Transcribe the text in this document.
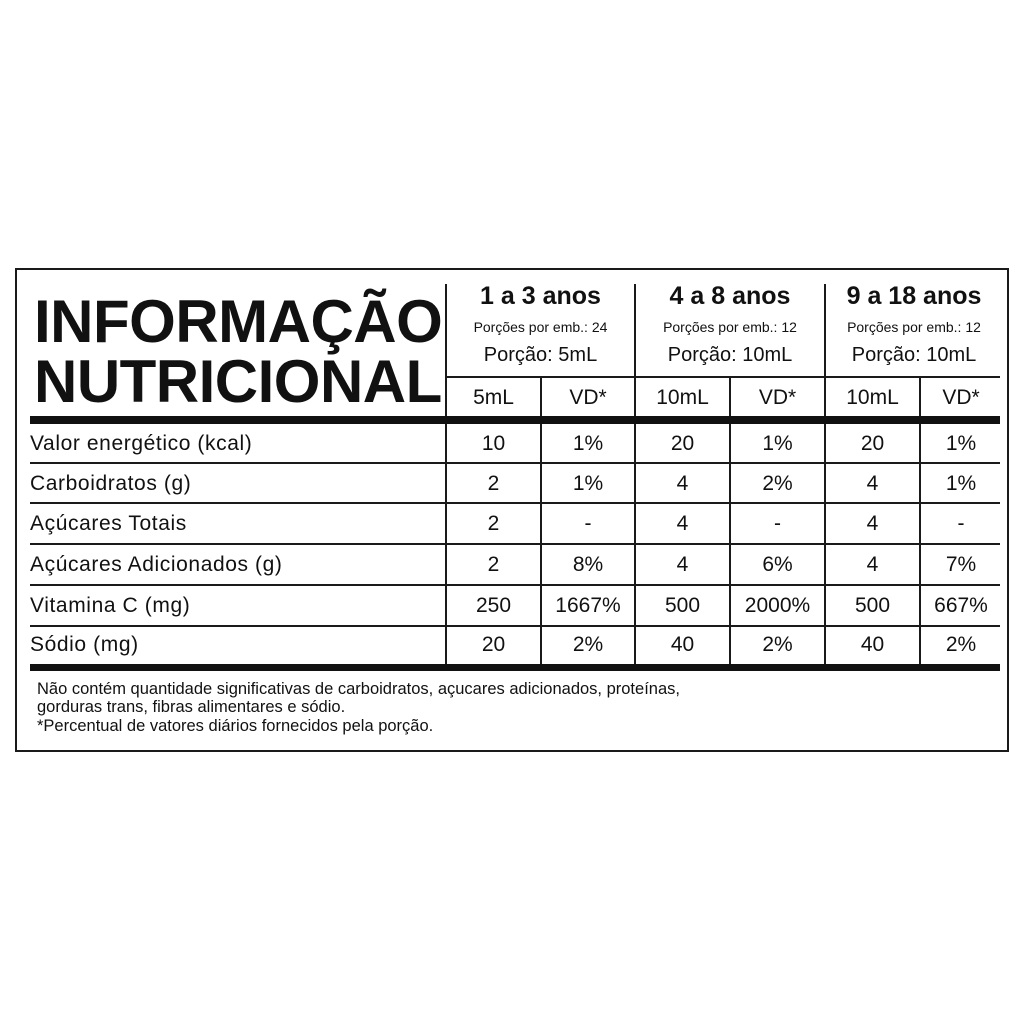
INFORMAÇÃO
NUTRICIONAL
1 a 3 anos
Porções por emb.: 24
Porção: 5mL
5mL	VD*
4 a 8 anos
Porções por emb.: 12
Porção: 10mL
10mL	VD*
9 a 18 anos
Porções por emb.: 12
Porção: 10mL
10mL	VD*
Valor energético (kcal)	10	1%	20	1%	20	1%
Carboidratos (g)	2	1%	4	2%	4	1%
Açúcares Totais	2	-	4	-	4	-
Açúcares Adicionados (g)	2	8%	4	6%	4	7%
Vitamina C (mg)	250	1667%	500	2000%	500	667%
Sódio (mg)	20	2%	40	2%	40	2%
Não contém quantidade significativas de carboidratos, açucares adicionados, proteínas,
gorduras trans, fibras alimentares e sódio.
*Percentual de vatores diários fornecidos pela porção.
